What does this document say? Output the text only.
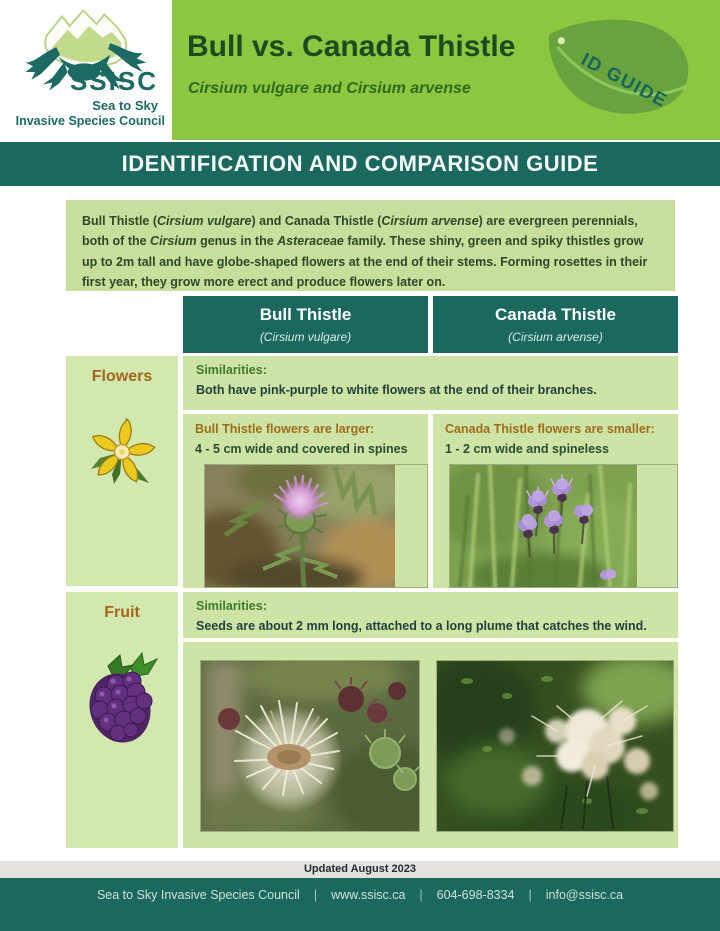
SSISC
Sea to Sky
Invasive Species Council
Bull vs. Canada Thistle
Cirsium vulgare and Cirsium arvense	ID GUIDE
IDENTIFICATION AND COMPARISON GUIDE
Bull Thistle (Cirsium vulgare) and Canada Thistle (Cirsium arvense) are evergreen perennials, both of the Cirsium genus in the Asteraceae family. These shiny, green and spiky thistles grow up to 2m tall and have globe-shaped flowers at the end of their stems. Forming rosettes in their first year, they grow more erect and produce flowers later on.
Bull Thistle
(Cirsium vulgare)
Canada Thistle
(Cirsium arvense)
Flowers	Similarities:
Both have pink-purple to white flowers at the end of their branches.
Bull Thistle flowers are larger:
4 - 5 cm wide and covered in spines
Canada Thistle flowers are smaller:
1 - 2 cm wide and spineless
Fruit	Similarities:
Seeds are about 2 mm long, attached to a long plume that catches the wind.
Updated August 2023
Sea to Sky Invasive Species Council | www.ssisc.ca | 604-698-8334 | info@ssisc.ca
